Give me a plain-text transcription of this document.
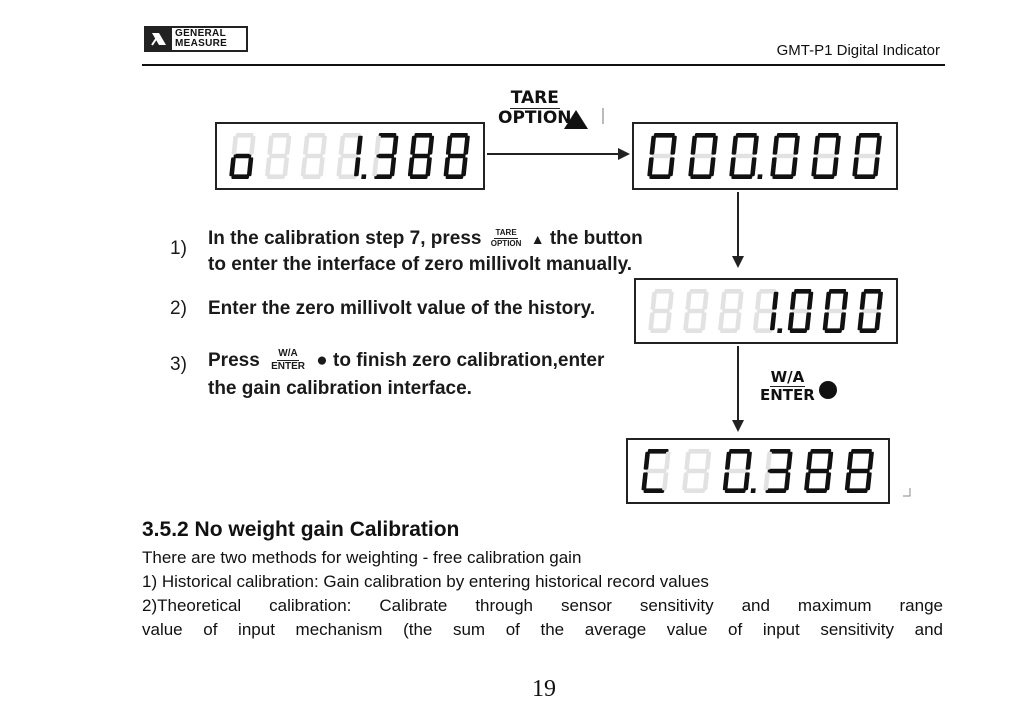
GENERAL
MEASURE	GMT-P1 Digital Indicator
TARE
OPTION
W/A
ENTER
1) In the calibration step 7, press TARE
OPTION ▲ the button
to enter the interface of zero millivolt manually.
2) Enter the zero millivolt value of the history.
3) Press W/A
ENTER ● to finish zero calibration,enter
the gain calibration interface.
3.5.2 No weight gain Calibration
There are two methods for weighting - free calibration gain
1) Historical calibration: Gain calibration by entering historical record values
2)Theoretical calibration: Calibrate through sensor sensitivity and maximum range
value of input mechanism (the sum of the average value of input sensitivity and
19
